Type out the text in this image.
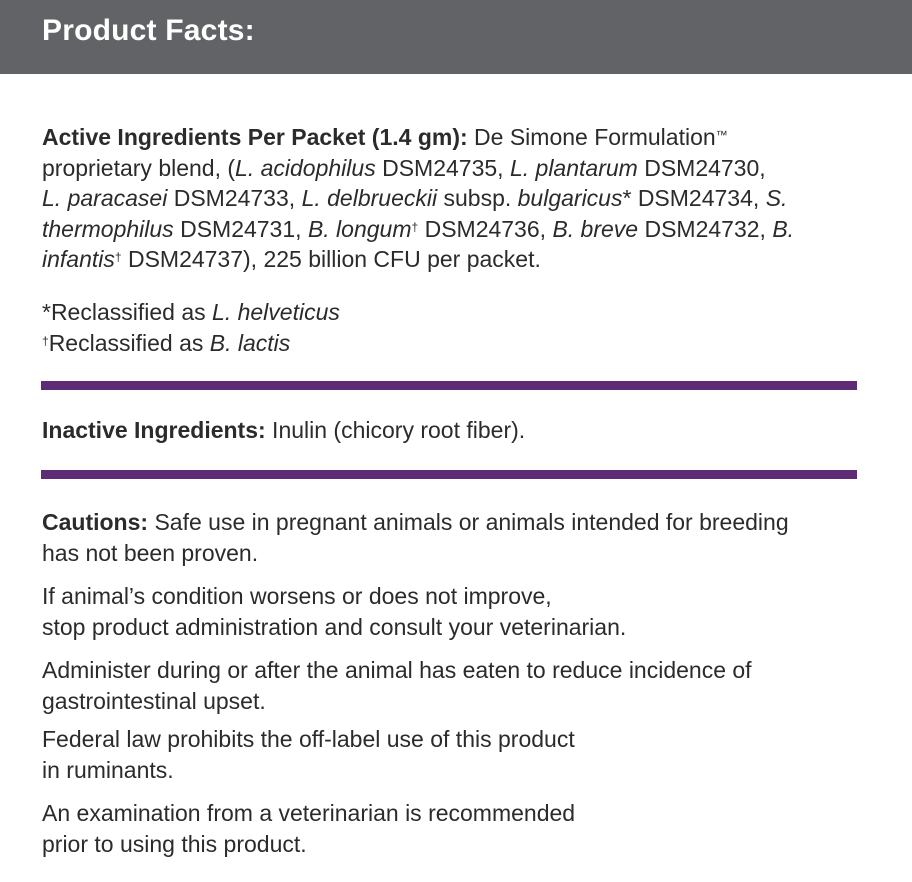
Product Facts:
Active Ingredients Per Packet (1.4 gm): De Simone Formulation™
proprietary blend, (L. acidophilus DSM24735, L. plantarum DSM24730,
L. paracasei DSM24733, L. delbrueckii subsp. bulgaricus* DSM24734, S.
thermophilus DSM24731, B. longum† DSM24736, B. breve DSM24732, B.
infantis† DSM24737), 225 billion CFU per packet.
*Reclassified as L. helveticus
†Reclassified as B. lactis
Inactive Ingredients: Inulin (chicory root fiber).
Cautions: Safe use in pregnant animals or animals intended for breeding
has not been proven.
If animal’s condition worsens or does not improve,
stop product administration and consult your veterinarian.
Administer during or after the animal has eaten to reduce incidence of
gastrointestinal upset.
Federal law prohibits the off-label use of this product
in ruminants.
An examination from a veterinarian is recommended
prior to using this product.
